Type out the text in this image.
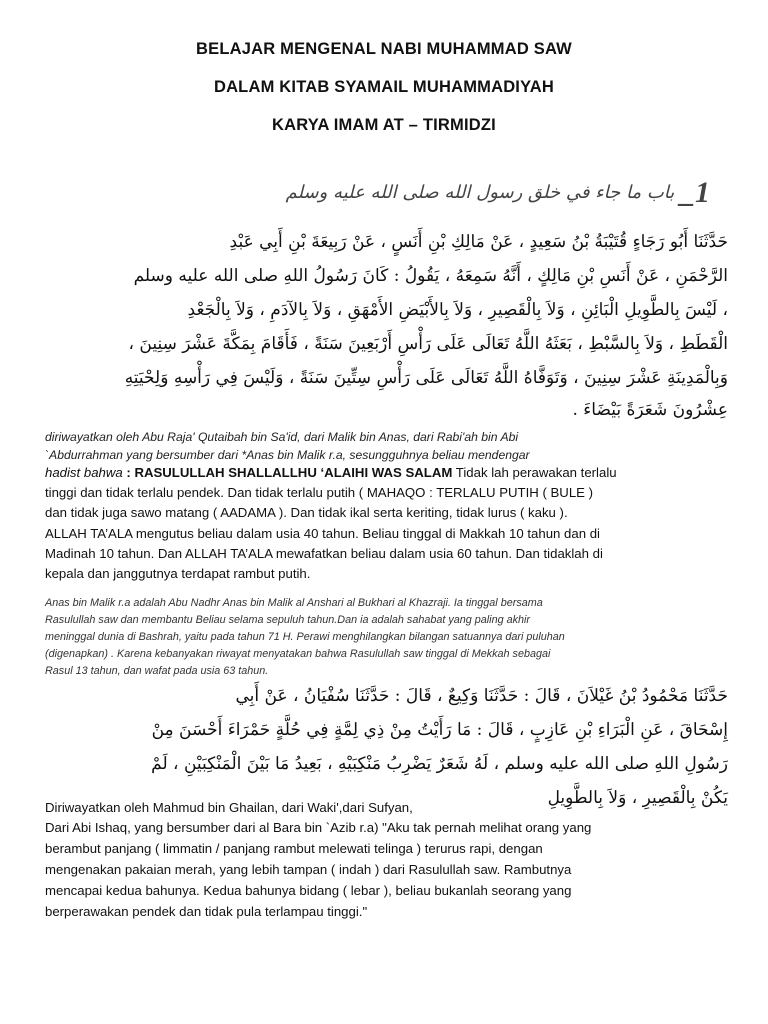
BELAJAR MENGENAL NABI MUHAMMAD SAW
DALAM KITAB SYAMAIL MUHAMMADIYAH
KARYA IMAM AT – TIRMIDZI
1_ باب ما جاء في خلق رسول الله صلى الله عليه وسلم
حَدَّثَنَا أَبُو رَجَاءٍ قُتَيْبَةُ بْنُ سَعِيدٍ ، عَنْ مَالِكِ بْنِ أَنَسٍ ، عَنْ رَبِيعَةَ بْنِ أَبِي عَبْدِ
الرَّحْمَنِ ، عَنْ أَنَسِ بْنِ مَالِكٍ ، أَنَّهُ سَمِعَهُ ، يَقُولُ : كَانَ رَسُولُ اللهِ صلى الله عليه وسلم
، لَيْسَ بِالطَّوِيلِ الْبَائِنِ ، وَلاَ بِالْقَصِيرِ ، وَلاَ بِالأَبْيَضِ الأَمْهَقِ ، وَلاَ بِالآدَمِ ، وَلاَ بِالْجَعْدِ
الْقَطَطِ ، وَلاَ بِالسَّبْطِ ، بَعَثَهُ اللَّهُ تَعَالَى عَلَى رَأْسِ أَرْبَعِينَ سَنَةً ، فَأَقَامَ بِمَكَّةَ عَشْرَ سِنِينَ ،
وَبِالْمَدِينَةِ عَشْرَ سِنِينَ ، وَتَوَفَّاهُ اللَّهُ تَعَالَى عَلَى رَأْسِ سِتِّينَ سَنَةً ، وَلَيْسَ فِي رَأْسِهِ وَلِحْيَتِهِ
عِشْرُونَ شَعَرَةً بَيْضَاءَ .
diriwayatkan oleh Abu Raja' Qutaibah bin Sa'id, dari Malik bin Anas, dari Rabi'ah bin Abi
`Abdurrahman yang bersumber dari *Anas bin Malik r.a, sesungguhnya beliau mendengar
hadist bahwa : RASULULLAH SHALLALLHU ‘ALAIHI WAS SALAM Tidak lah perawakan terlalu
tinggi dan tidak terlalu pendek. Dan tidak terlalu putih ( MAHAQO : TERLALU PUTIH ( BULE )
dan tidak juga sawo matang ( AADAMA ). Dan tidak ikal serta keriting, tidak lurus ( kaku ).
ALLAH TA’ALA mengutus beliau dalam usia 40 tahun. Beliau tinggal di Makkah 10 tahun dan di
Madinah 10 tahun. Dan ALLAH TA’ALA mewafatkan beliau dalam usia 60 tahun. Dan tidaklah di
kepala dan janggutnya terdapat rambut putih.
Anas bin Malik r.a adalah Abu Nadhr Anas bin Malik al Anshari al Bukhari al Khazraji. Ia tinggal bersama
Rasulullah saw dan membantu Beliau selama sepuluh tahun.Dan ia adalah sahabat yang paling akhir
meninggal dunia di Bashrah, yaitu pada tahun 71 H. Perawi menghilangkan bilangan satuannya dari puluhan
(digenapkan) . Karena kebanyakan riwayat menyatakan bahwa Rasulullah saw tinggal di Mekkah sebagai
Rasul 13 tahun, dan wafat pada usia 63 tahun.
حَدَّثَنَا مَحْمُودُ بْنُ غَيْلاَنَ ، قَالَ : حَدَّثَنَا وَكِيعٌ ، قَالَ : حَدَّثَنَا سُفْيَانُ ، عَنْ أَبِي
إِسْحَاقَ ، عَنِ الْبَرَاءِ بْنِ عَازِبٍ ، قَالَ : مَا رَأَيْتُ مِنْ ذِي لِمَّةٍ فِي حُلَّةٍ حَمْرَاءَ أَحْسَنَ مِنْ
رَسُولِ اللهِ صلى الله عليه وسلم ، لَهُ شَعَرٌ يَضْرِبُ مَنْكِبَيْهِ ، بَعِيدُ مَا بَيْنَ الْمَنْكِبَيْنِ ، لَمْ
يَكُنْ بِالْقَصِيرِ ، وَلاَ بِالطَّوِيلِ
Diriwayatkan oleh Mahmud bin Ghailan, dari Waki',dari Sufyan,
Dari Abi Ishaq, yang bersumber dari al Bara bin `Azib r.a) "Aku tak pernah melihat orang yang
berambut panjang ( limmatin / panjang rambut melewati telinga ) terurus rapi, dengan
mengenakan pakaian merah, yang lebih tampan ( indah ) dari Rasulullah saw. Rambutnya
mencapai kedua bahunya. Kedua bahunya bidang ( lebar ), beliau bukanlah seorang yang
berperawakan pendek dan tidak pula terlampau tinggi."
